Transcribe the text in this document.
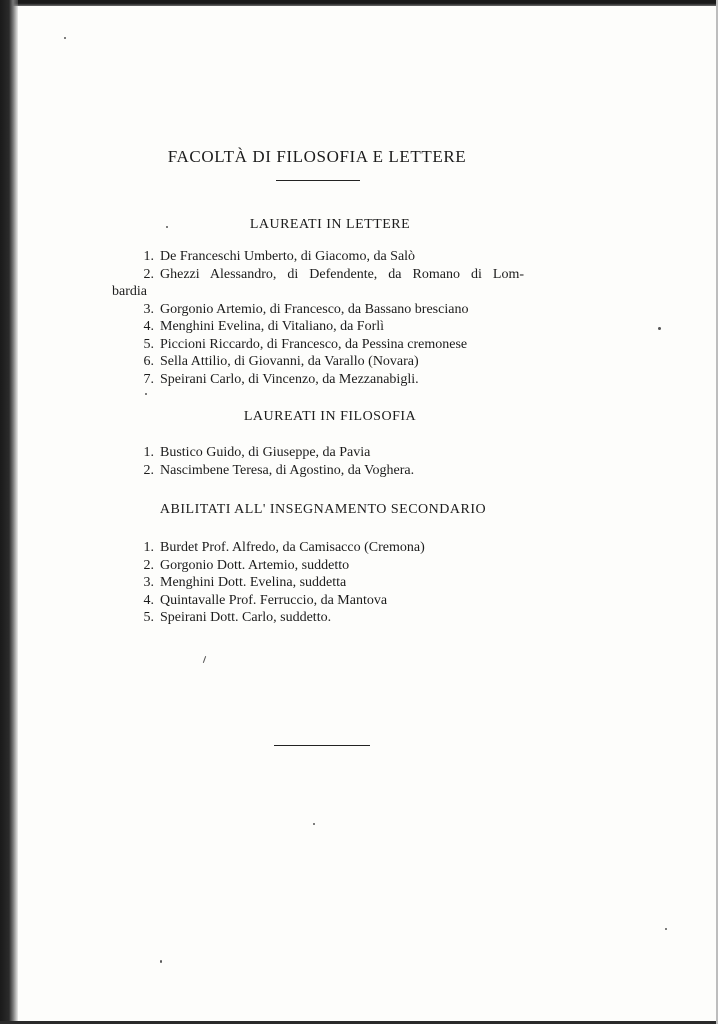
FACOLTÀ DI FILOSOFIA E LETTERE
LAUREATI IN LETTERE
1. De Franceschi Umberto, di Giacomo, da Salò
2. Ghezzi Alessandro, di Defendente, da Romano di Lom-
bardia
3. Gorgonio Artemio, di Francesco, da Bassano bresciano
4. Menghini Evelina, di Vitaliano, da Forlì
5. Piccioni Riccardo, di Francesco, da Pessina cremonese
6. Sella Attilio, di Giovanni, da Varallo (Novara)
7. Speirani Carlo, di Vincenzo, da Mezzanabigli.
LAUREATI IN FILOSOFIA
1. Bustico Guido, di Giuseppe, da Pavia
2. Nascimbene Teresa, di Agostino, da Voghera.
ABILITATI ALL' INSEGNAMENTO SECONDARIO
1. Burdet Prof. Alfredo, da Camisacco (Cremona)
2. Gorgonio Dott. Artemio, suddetto
3. Menghini Dott. Evelina, suddetta
4. Quintavalle Prof. Ferruccio, da Mantova
5. Speirani Dott. Carlo, suddetto.
